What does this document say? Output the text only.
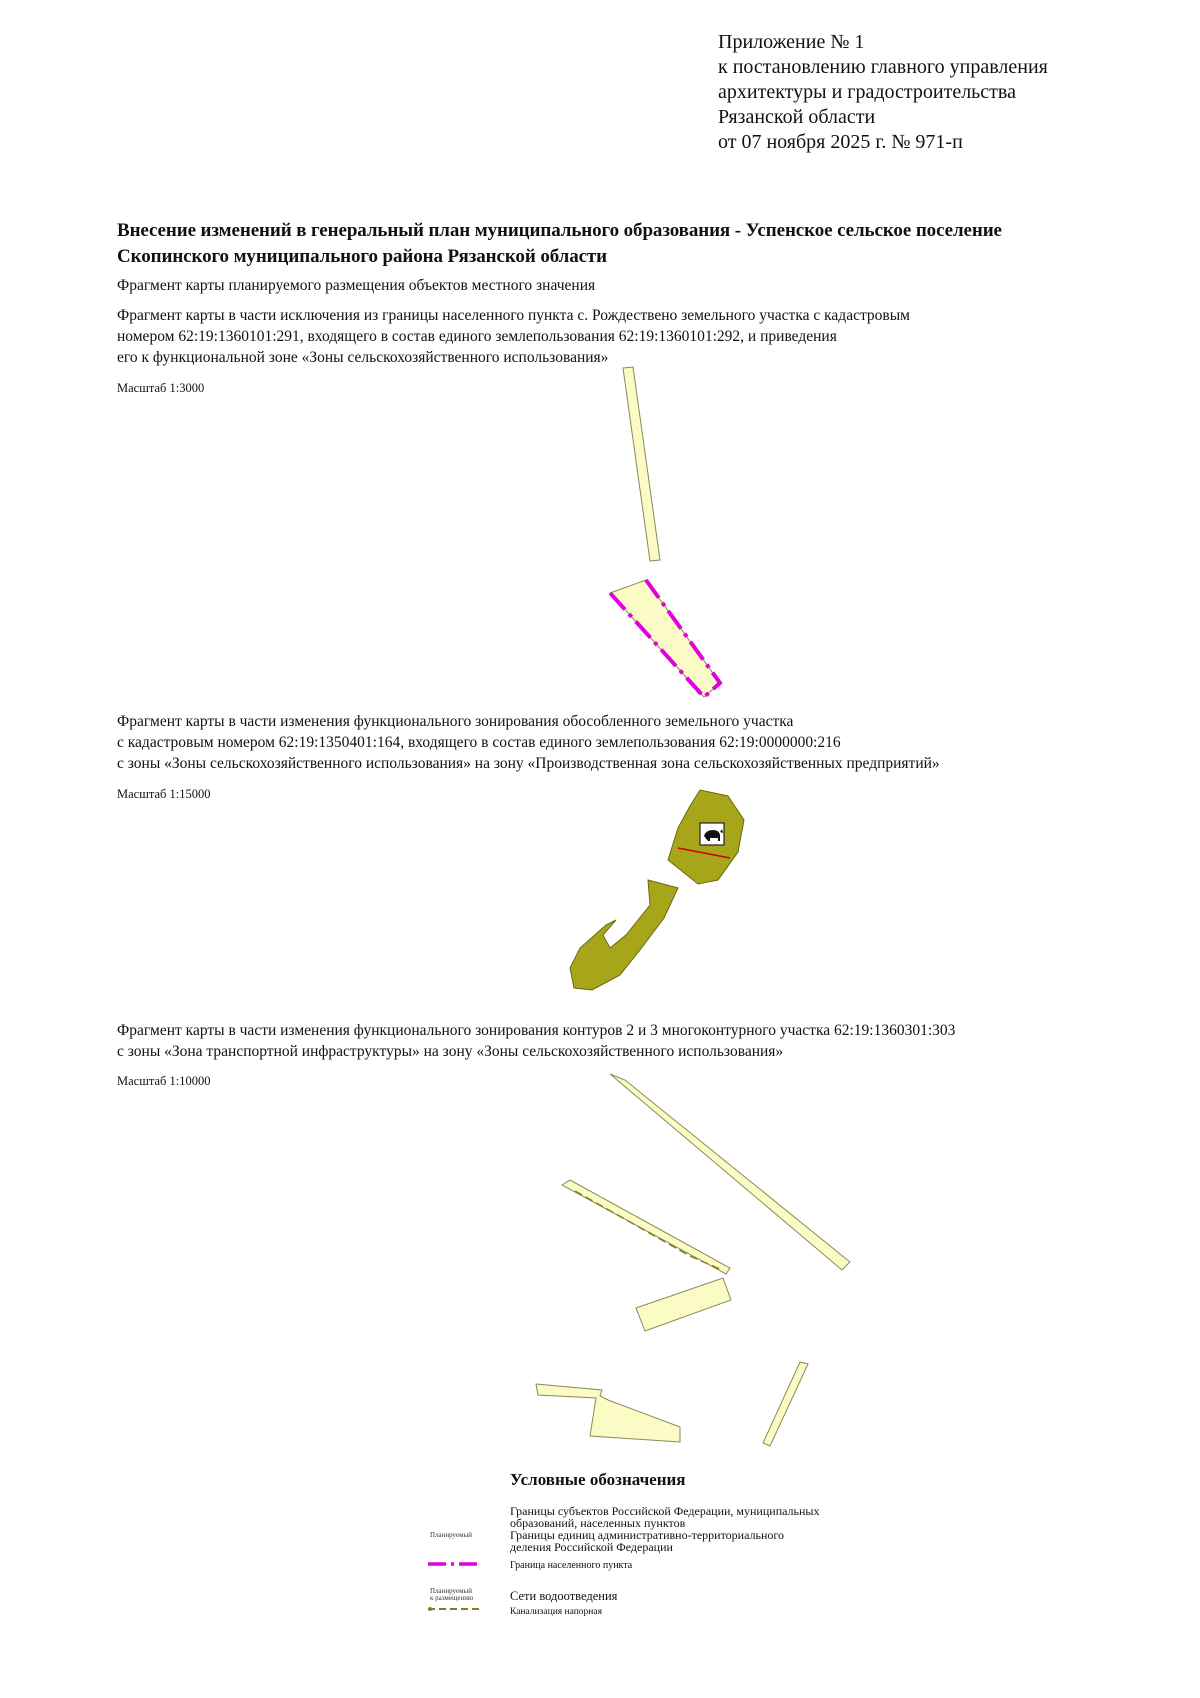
Приложение № 1
к постановлению главного управления
архитектуры и градостроительства
Рязанской области
от 07 ноября 2025 г. № 971-п
Внесение изменений в генеральный план муниципального образования - Успенское сельское поселение
Скопинского муниципального района Рязанской области
Фрагмент карты планируемого размещения объектов местного значения
Фрагмент карты в части исключения из границы населенного пункта с. Рождествено земельного участка с кадастровым
номером 62:19:1360101:291, входящего в состав единого землепользования 62:19:1360101:292, и приведения
его к функциональной зоне «Зоны сельскохозяйственного использования»
Масштаб 1:3000
Фрагмент карты в части изменения функционального зонирования обособленного земельного участка
с кадастровым номером 62:19:1350401:164, входящего в состав единого землепользования 62:19:0000000:216
с зоны «Зоны сельскохозяйственного использования» на зону «Производственная зона сельскохозяйственных предприятий»
Масштаб 1:15000
Фрагмент карты в части изменения функционального зонирования контуров 2 и 3 многоконтурного участка 62:19:1360301:303
с зоны «Зона транспортной инфраструктуры» на зону «Зоны сельскохозяйственного использования»
Масштаб 1:10000
Условные обозначения
Границы субъектов Российской Федерации, муниципальных
образований, населенных пунктов
Планируемый	Границы единиц административно-территориального
деления Российской Федерации
Граница населенного пункта
Планируемый
к размещению	Сети водоотведения
Канализация напорная
